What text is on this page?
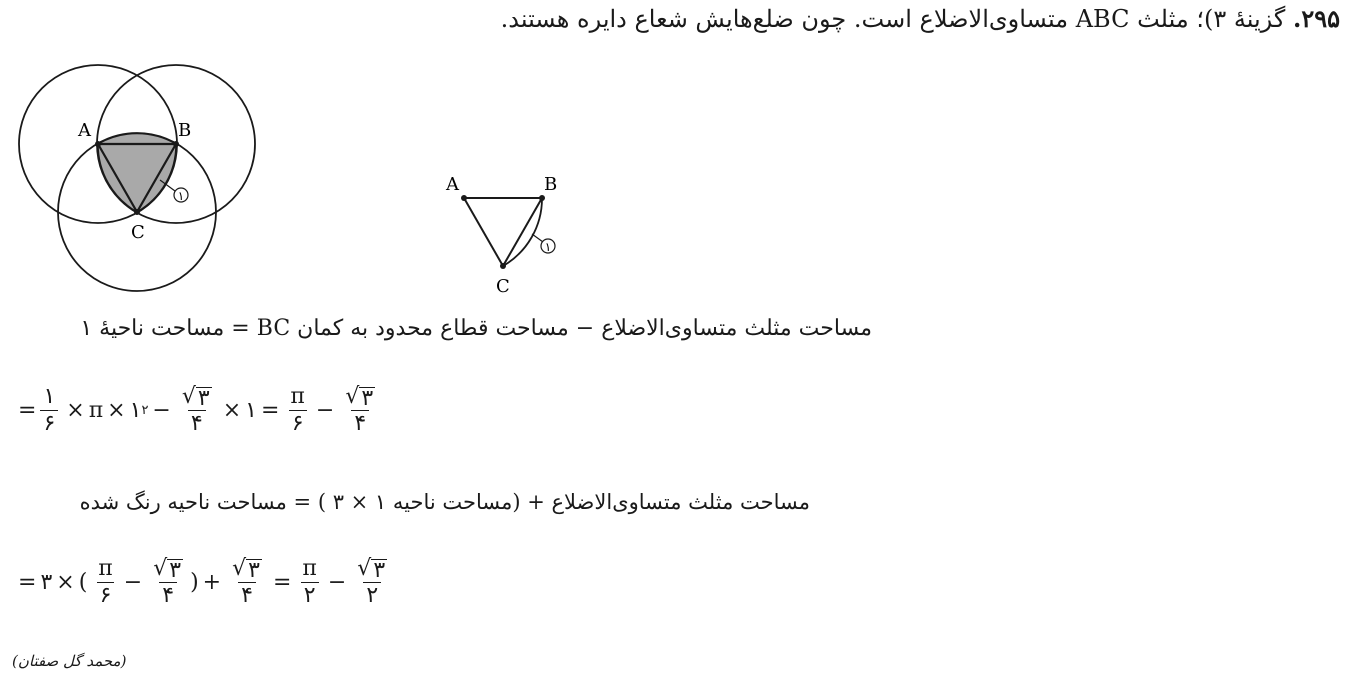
۲۹۵. گزینهٔ ۳)؛ مثلث ABC متساوی‌الاضلاع است. چون ضلع‌هایش شعاع دایره هستند.
۱
A	B
C
۱
A	B
C
مساحت مثلث متساوی‌الاضلاع − مساحت قطاع محدود به کمان BC = مساحت ناحیهٔ ۱
= $\frac{۱}{۶} \times \pi$ × ۱ ۲ − $\frac{√ ۳}{۴}$ × ۱ = $\frac{\pi}{۶} - \frac{√ ۳}{۴}$
مساحت مثلث متساوی‌الاضلاع + (مساحت ناحیه ۱ × ۳ ) = مساحت ناحیه رنگ شده
= ۳ × ( $\frac{\pi}{۶} - \frac{√ ۳}{۴}$ ) + $\frac{√ ۳}{۴} = \frac{\pi}{۲} - \frac{√ ۳}{۲}$
(محمد گل صفتان)
